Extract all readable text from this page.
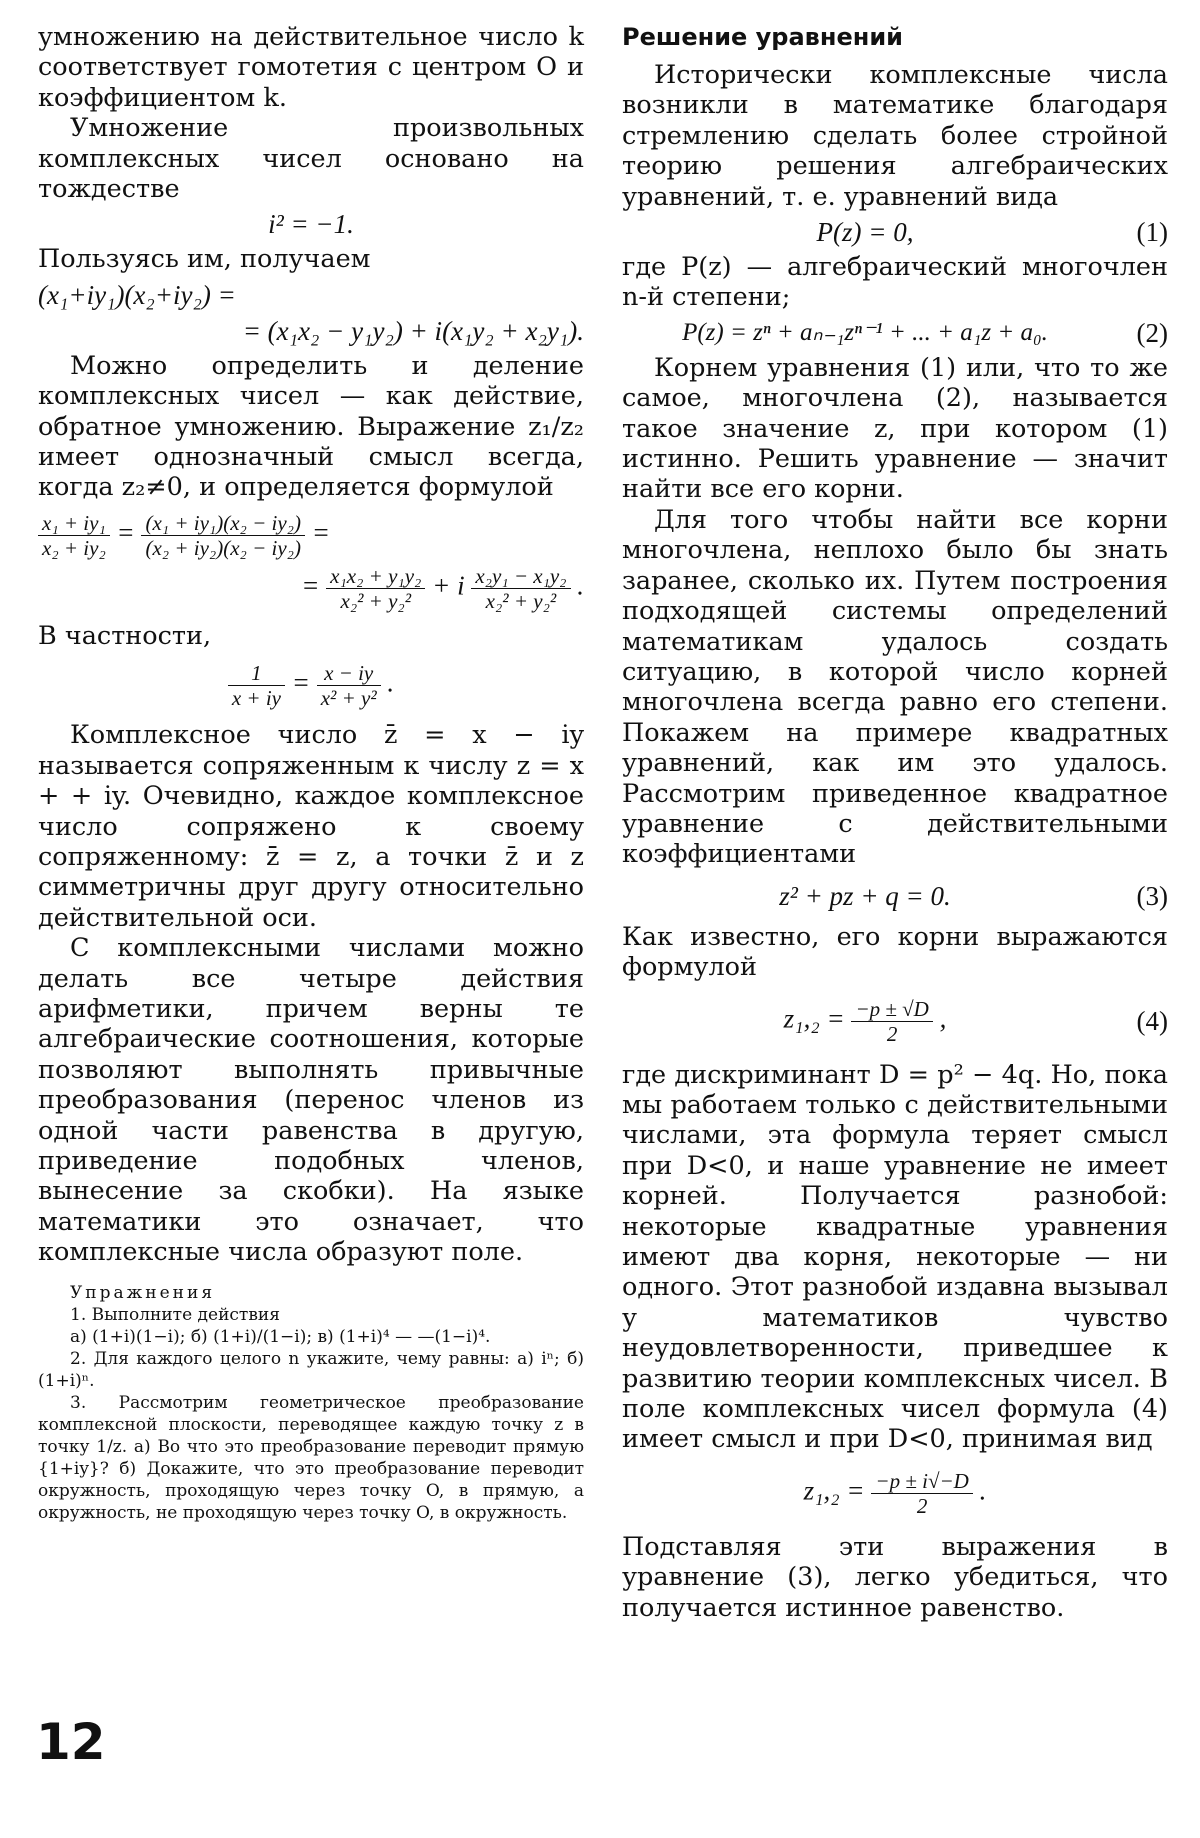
умножению на действительное число k соответствует гомотетия с центром O и коэффициентом k.

Умножение произвольных комплексных чисел основано на тождестве

i² = −1.

Пользуясь им, получаем

(x₁+iy₁)(x₂+iy₂) =
= (x₁x₂ − y₁y₂) + i(x₁y₂ + x₂y₁).

Можно определить и деление комплексных чисел — как действие, обратное умножению. Выражение z₁/z₂ имеет однозначный смысл всегда, когда z₂≠0, и определяется формулой

$\frac{\text{x₁ + iy₁}}{\text{x₂ + iy₂}} = \frac{\text{(x₁ + iy₁)(x₂ − iy₂)}}{\text{(x₂ + iy₂)(x₂ − iy₂)}}$ =
= $\frac{\text{x₁x₂ + y₁y₂}}{\text{x₂² + y₂²}} + i \frac{\text{x₂y₁ − x₁y₂}}{\text{x₂² + y₂²}}$ .

В частности,

$\frac{1}{x + iy} = \frac{x - iy}{\text{x² + y²}}$ .

Комплексное число z̄ = x − iy называется сопряженным к числу z = x + + iy. Очевидно, каждое комплексное число сопряжено к своему сопряженному: z̄̄ = z, а точки z̄ и z симметричны друг другу относительно действительной оси.

С комплексными числами можно делать все четыре действия арифметики, причем верны те алгебраические соотношения, которые позволяют выполнять привычные преобразования (перенос членов из одной части равенства в другую, приведение подобных членов, вынесение за скобки). На языке математики это означает, что комплексные числа образуют поле.

Упражнения

1. Выполните действия

а) (1+i)(1−i); б) (1+i)/(1−i); в) (1+i)⁴ — —(1−i)⁴.

2. Для каждого целого n укажите, чему равны: а) iⁿ; б) (1+i)ⁿ.

3. Рассмотрим геометрическое преобразование комплексной плоскости, переводящее каждую точку z в точку 1/z. а) Во что это преобразование переводит прямую {1+iy}? б) Докажите, что это преобразование переводит окружность, проходящую через точку O, в прямую, а окружность, не проходящую через точку O, в окружность.

Решение уравнений

Исторически комплексные числа возникли в математике благодаря стремлению сделать более стройной теорию решения алгебраических уравнений, т. е. уравнений вида

P(z) = 0,	(1)

где P(z) — алгебраический многочлен n-й степени;

P(z) = zⁿ + aₙ₋₁zⁿ⁻¹ + ... + a₁z + a₀.	(2)

Корнем уравнения (1) или, что то же самое, многочлена (2), называется такое значение z, при котором (1) истинно. Решить уравнение — значит найти все его корни.

Для того чтобы найти все корни многочлена, неплохо было бы знать заранее, сколько их. Путем построения подходящей системы определений математикам удалось создать ситуацию, в которой число корней многочлена всегда равно его степени. Покажем на примере квадратных уравнений, как им это удалось. Рассмотрим приведенное квадратное уравнение с действительными коэффициентами

z² + pz + q = 0.	(3)

Как известно, его корни выражаются формулой

$z_1,_2 = \frac{-p \pm √D}{2}$ ,	(4)

где дискриминант D = p² − 4q. Но, пока мы работаем только с действительными числами, эта формула теряет смысл при D<0, и наше уравнение не имеет корней. Получается разнобой: некоторые квадратные уравнения имеют два корня, некоторые — ни одного. Этот разнобой издавна вызывал у математиков чувство неудовлетворенности, приведшее к развитию теории комплексных чисел. В поле комплексных чисел формула (4) имеет смысл и при D<0, принимая вид

$z_1,_2 = \frac{-p \pm i√-D}{2}$ .

Подставляя эти выражения в уравнение (3), легко убедиться, что получается истинное равенство.

12
